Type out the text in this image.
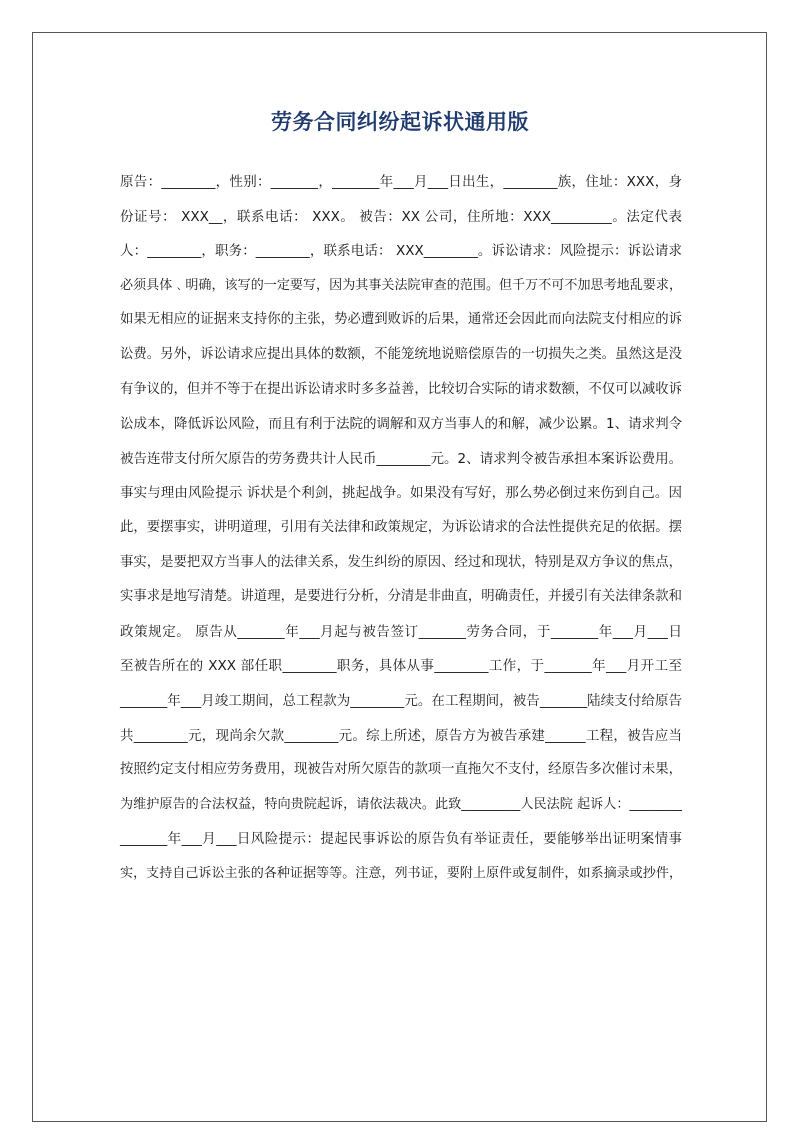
劳务合同纠纷起诉状通用版
原告：________，性别：_______，_______年___月___日出生，________族，住址：XXX，身
份证号： XXX__，联系电话： XXX。 被告：XX 公司，住所地：XXX_________。法定代表
人：________，职务：________，联系电话： XXX________。诉讼请求：风险提示：诉讼请求
必须具体﹑明确，该写的一定要写，因为其事关法院审查的范围。但千万不可不加思考地乱要求，
如果无相应的证据来支持你的主张，势必遭到败诉的后果，通常还会因此而向法院支付相应的诉
讼费。另外，诉讼请求应提出具体的数额，不能笼统地说赔偿原告的一切损失之类。虽然这是没
有争议的，但并不等于在提出诉讼请求时多多益善，比较切合实际的请求数额，不仅可以减收诉
讼成本，降低诉讼风险，而且有利于法院的调解和双方当事人的和解，减少讼累。1、请求判令
被告连带支付所欠原告的劳务费共计人民币________元。2、请求判令被告承担本案诉讼费用。
事实与理由风险提示 诉状是个利剑，挑起战争。如果没有写好，那么势必倒过来伤到自己。因
此，要摆事实，讲明道理，引用有关法律和政策规定，为诉讼请求的合法性提供充足的依据。摆
事实，是要把双方当事人的法律关系，发生纠纷的原因、经过和现状，特别是双方争议的焦点，
实事求是地写清楚。讲道理，是要进行分析，分清是非曲直，明确责任，并援引有关法律条款和
政策规定。 原告从_______年___月起与被告签订_______劳务合同，于_______年___月___日
至被告所在的 XXX 部任职________职务，具体从事________工作，于_______年___月开工至
_______年___月竣工期间，总工程款为________元。在工程期间，被告_______陆续支付给原告
共________元，现尚余欠款________元。综上所述，原告方为被告承建______工程，被告应当
按照约定支付相应劳务费用，现被告对所欠原告的款项一直拖欠不支付，经原告多次催讨未果，
为维护原告的合法权益，特向贵院起诉，请依法裁决。此致_________人民法院 起诉人：________
_______年___月___日风险提示：提起民事诉讼的原告负有举证责任，要能够举出证明案情事
实，支持自己诉讼主张的各种证据等等。注意，列书证，要附上原件或复制件，如系摘录或抄件，
